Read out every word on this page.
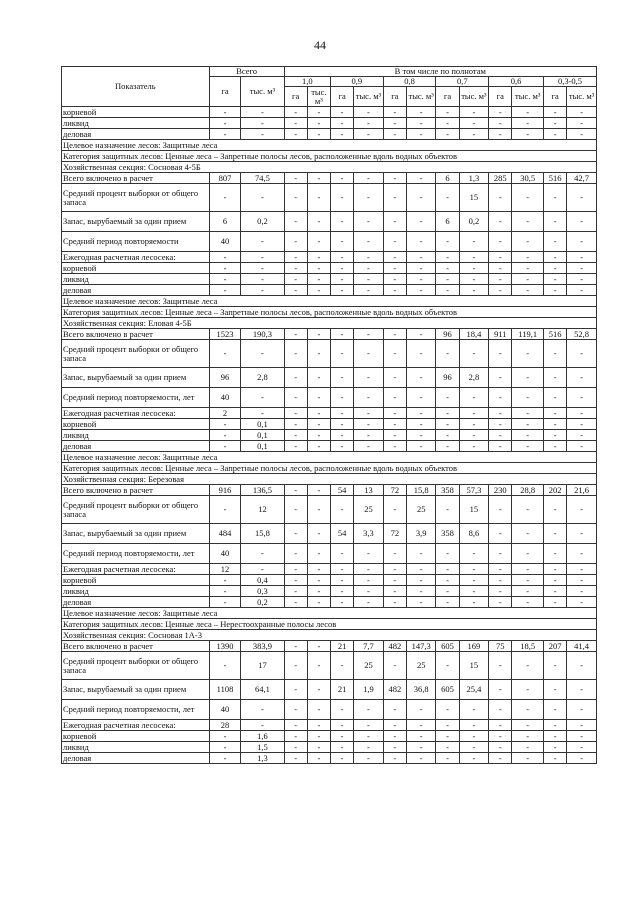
44
Показатель	Всего		В том числе по полнотам											
	га	тыс. м³	1,0		0,9		0,8		0,7		0,6		0,3-0,5	
			га	тыс. м³	га	тыс. м³	га	тыс. м³	га	тыс. м³	га	тыс. м³	га	тыс. м³
корневой	-	-	-	-	-	-	-	-	-	-	-	-	-	-
ликвид	-	-	-	-	-	-	-	-	-	-	-	-	-	-
деловая	-	-	-	-	-	-	-	-	-	-	-	-	-	-
Целевое назначение лесов: Защитные леса														
Категория защитных лесов: Ценные леса – Запретные полосы лесов, расположенные вдоль водных объектов														
Хозяйственная секция: Сосновая 4-5Б														
Всего включено в расчет	807	74,5	-	-	-	-	-	-	6	1,3	285	30,5	516	42,7
Средний процент выборки от общего запаса	-	-	-	-	-	-	-	-	-	15	-	-	-	-
Запас, вырубаемый за один прием	6	0,2	-	-	-	-	-	-	6	0,2	-	-	-	-
Средний период повторяемости	40	-	-	-	-	-	-	-	-	-	-	-	-	-
Ежегодная расчетная лесосека:	-	-	-	-	-	-	-	-	-	-	-	-	-	-
корневой	-	-	-	-	-	-	-	-	-	-	-	-	-	-
ликвид	-	-	-	-	-	-	-	-	-	-	-	-	-	-
деловая	-	-	-	-	-	-	-	-	-	-	-	-	-	-
Целевое назначение лесов: Защитные леса														
Категория защитных лесов: Ценные леса – Запретные полосы лесов, расположенные вдоль водных объектов														
Хозяйственная секция: Еловая 4-5Б														
Всего включено в расчет	1523	190,3	-	-	-	-	-	-	96	18,4	911	119,1	516	52,8
Средний процент выборки от общего запаса	-	-	-	-	-	-	-	-	-	-	-	-	-	-
Запас, вырубаемый за один прием	96	2,8	-	-	-	-	-	-	96	2,8	-	-	-	-
Средний период повторяемости, лет	40	-	-	-	-	-	-	-	-	-	-	-	-	-
Ежегодная расчетная лесосека:	2	-	-	-	-	-	-	-	-	-	-	-	-	-
корневой	-	0,1	-	-	-	-	-	-	-	-	-	-	-	-
ликвид	-	0,1	-	-	-	-	-	-	-	-	-	-	-	-
деловая	-	0,1	-	-	-	-	-	-	-	-	-	-	-	-
Целевое назначение лесов: Защитные леса														
Категория защитных лесов: Ценные леса – Запретные полосы лесов, расположенные вдоль водных объектов														
Хозяйственная секция: Березовая														
Всего включено в расчет	916	136,5	-	-	54	13	72	15,8	358	57,3	230	28,8	202	21,6
Средний процент выборки от общего запаса	-	12	-	-	-	25	-	25	-	15	-	-	-	-
Запас, вырубаемый за один прием	484	15,8	-	-	54	3,3	72	3,9	358	8,6	-	-	-	-
Средний период повторяемости, лет	40	-	-	-	-	-	-	-	-	-	-	-	-	-
Ежегодная расчетная лесосека:	12	-	-	-	-	-	-	-	-	-	-	-	-	-
корневой	-	0,4	-	-	-	-	-	-	-	-	-	-	-	-
ликвид	-	0,3	-	-	-	-	-	-	-	-	-	-	-	-
деловая	-	0,2	-	-	-	-	-	-	-	-	-	-	-	-
Целевое назначение лесов: Защитные леса														
Категория защитных лесов: Ценные леса – Нерестоохранные полосы лесов														
Хозяйственная секция: Сосновая 1А-3														
Всего включено в расчет	1390	383,9	-	-	21	7,7	482	147,3	605	169	75	18,5	207	41,4
Средний процент выборки от общего запаса	-	17	-	-	-	25	-	25	-	15	-	-	-	-
Запас, вырубаемый за один прием	1108	64,1	-	-	21	1,9	482	36,8	605	25,4	-	-	-	-
Средний период повторяемости, лет	40	-	-	-	-	-	-	-	-	-	-	-	-	-
Ежегодная расчетная лесосека:	28	-	-	-	-	-	-	-	-	-	-	-	-	-
корневой	-	1,6	-	-	-	-	-	-	-	-	-	-	-	-
ликвид	-	1,5	-	-	-	-	-	-	-	-	-	-	-	-
деловая	-	1,3	-	-	-	-	-	-	-	-	-	-	-	-
